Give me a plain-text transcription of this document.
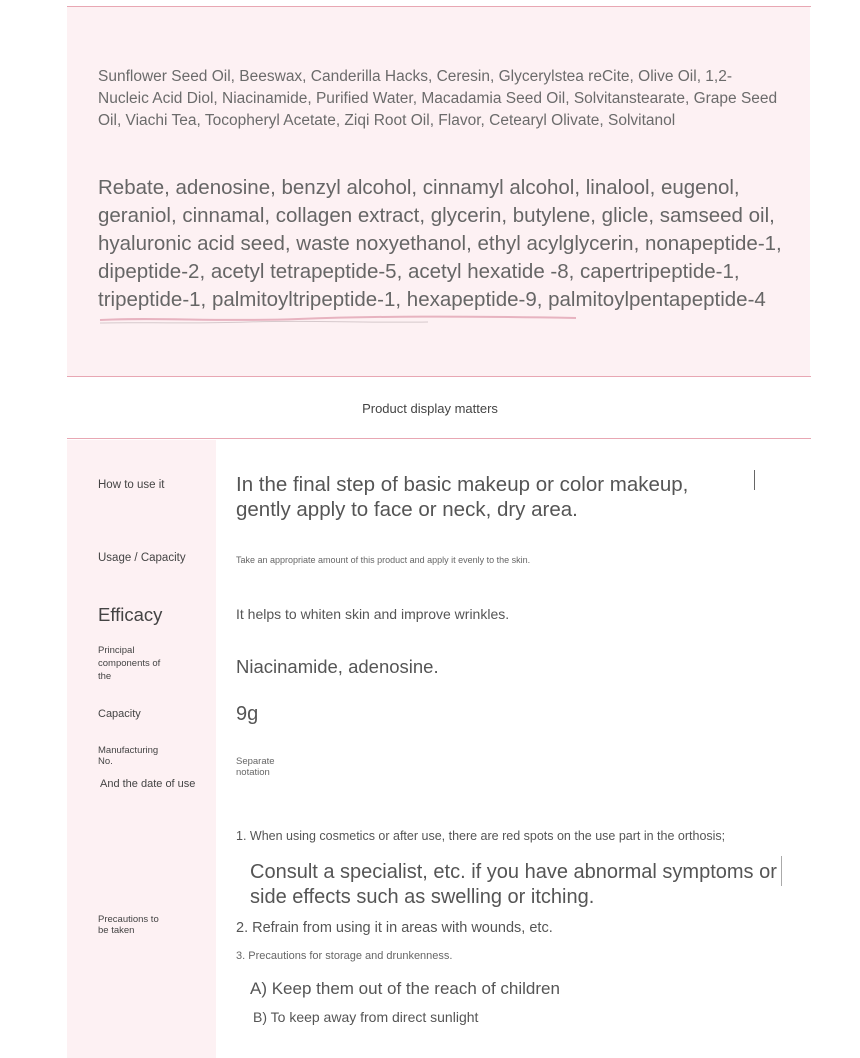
Sunflower Seed Oil, Beeswax, Canderilla Hacks, Ceresin, Glycerylstea reCite, Olive Oil, 1,2-Nucleic Acid Diol, Niacinamide, Purified Water, Macadamia Seed Oil, Solvitanstearate, Grape Seed Oil, Viachi Tea, Tocopheryl Acetate, Ziqi Root Oil, Flavor, Cetearyl Olivate, Solvitanol
Rebate, adenosine, benzyl alcohol, cinnamyl alcohol, linalool, eugenol, geraniol, cinnamal, collagen extract, glycerin, butylene, glicle, samseed oil, hyaluronic acid seed, waste noxyethanol, ethyl acylglycerin, nonapeptide-1, dipeptide-2, acetyl tetrapeptide-5, acetyl hexatide -8, capertripeptide-1, tripeptide-1, palmitoyltripeptide-1, hexapeptide-9, palmitoylpentapeptide-4
Product display matters
How to use it	In the final step of basic makeup or color makeup, gently apply to face or neck, dry area.
Usage / Capacity	Take an appropriate amount of this product and apply it evenly to the skin.
Efficacy	It helps to whiten skin and improve wrinkles.
Principal components of the	Niacinamide, adenosine.
Capacity	9g
Manufacturing No.	Separate notation
And the date of use
Precautions to be taken
1. When using cosmetics or after use, there are red spots on the use part in the orthosis;
Consult a specialist, etc. if you have abnormal symptoms or side effects such as swelling or itching.
2. Refrain from using it in areas with wounds, etc.
3. Precautions for storage and drunkenness.
A) Keep them out of the reach of children
B) To keep away from direct sunlight
